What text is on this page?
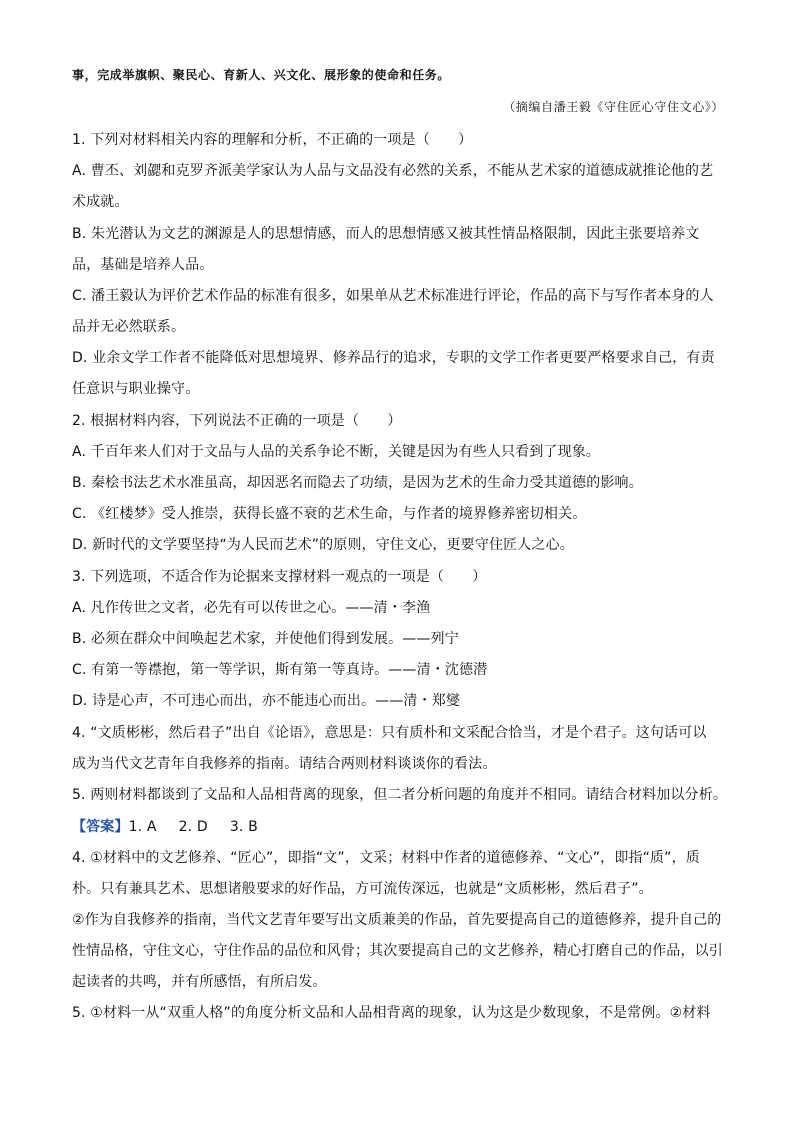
事，完成举旗帜、聚民心、育新人、兴文化、展形象的使命和任务。
（摘编自潘王毅《守住匠心守住文心》）
1. 下列对材料相关内容的理解和分析，不正确的一项是（　　）
A. 曹丕、刘勰和克罗齐派美学家认为人品与文品没有必然的关系，不能从艺术家的道德成就推论他的艺
术成就。
B. 朱光潜认为文艺的渊源是人的思想情感，而人的思想情感又被其性情品格限制，因此主张要培养文
品，基础是培养人品。
C. 潘王毅认为评价艺术作品的标准有很多，如果单从艺术标准进行评论，作品的高下与写作者本身的人
品并无必然联系。
D. 业余文学工作者不能降低对思想境界、修养品行的追求，专职的文学工作者更要严格要求自己，有责
任意识与职业操守。
2. 根据材料内容，下列说法不正确的一项是（　　）
A. 千百年来人们对于文品与人品的关系争论不断，关键是因为有些人只看到了现象。
B. 秦桧书法艺术水准虽高，却因恶名而隐去了功绩，是因为艺术的生命力受其道德的影响。
C. 《红楼梦》受人推崇，获得长盛不衰的艺术生命，与作者的境界修养密切相关。
D. 新时代的文学要坚持“为人民而艺术”的原则，守住文心，更要守住匠人之心。
3. 下列选项，不适合作为论据来支撑材料一观点的一项是（　　）
A. 凡作传世之文者，必先有可以传世之心。——清・李渔
B. 必须在群众中间唤起艺术家，并使他们得到发展。——列宁
C. 有第一等襟抱，第一等学识，斯有第一等真诗。——清・沈德潜
D. 诗是心声，不可违心而出，亦不能违心而出。——清・郑燮
4. “文质彬彬，然后君子”出自《论语》，意思是：只有质朴和文采配合恰当，才是个君子。这句话可以
成为当代文艺青年自我修养的指南。请结合两则材料谈谈你的看法。
5. 两则材料都谈到了文品和人品相背离的现象，但二者分析问题的角度并不相同。请结合材料加以分析。
【答案】1. A 2. D 3. B
4. ①材料中的文艺修养、“匠心”，即指“文”，文采；材料中作者的道德修养、“文心”，即指“质”，质
朴。只有兼具艺术、思想诸般要求的好作品，方可流传深远，也就是“文质彬彬，然后君子”。
②作为自我修养的指南，当代文艺青年要写出文质兼美的作品，首先要提高自己的道德修养，提升自己的
性情品格，守住文心，守住作品的品位和风骨；其次要提高自己的文艺修养，精心打磨自己的作品，以引
起读者的共鸣，并有所感悟，有所启发。
5. ①材料一从“双重人格”的角度分析文品和人品相背离的现象，认为这是少数现象，不是常例。②材料
